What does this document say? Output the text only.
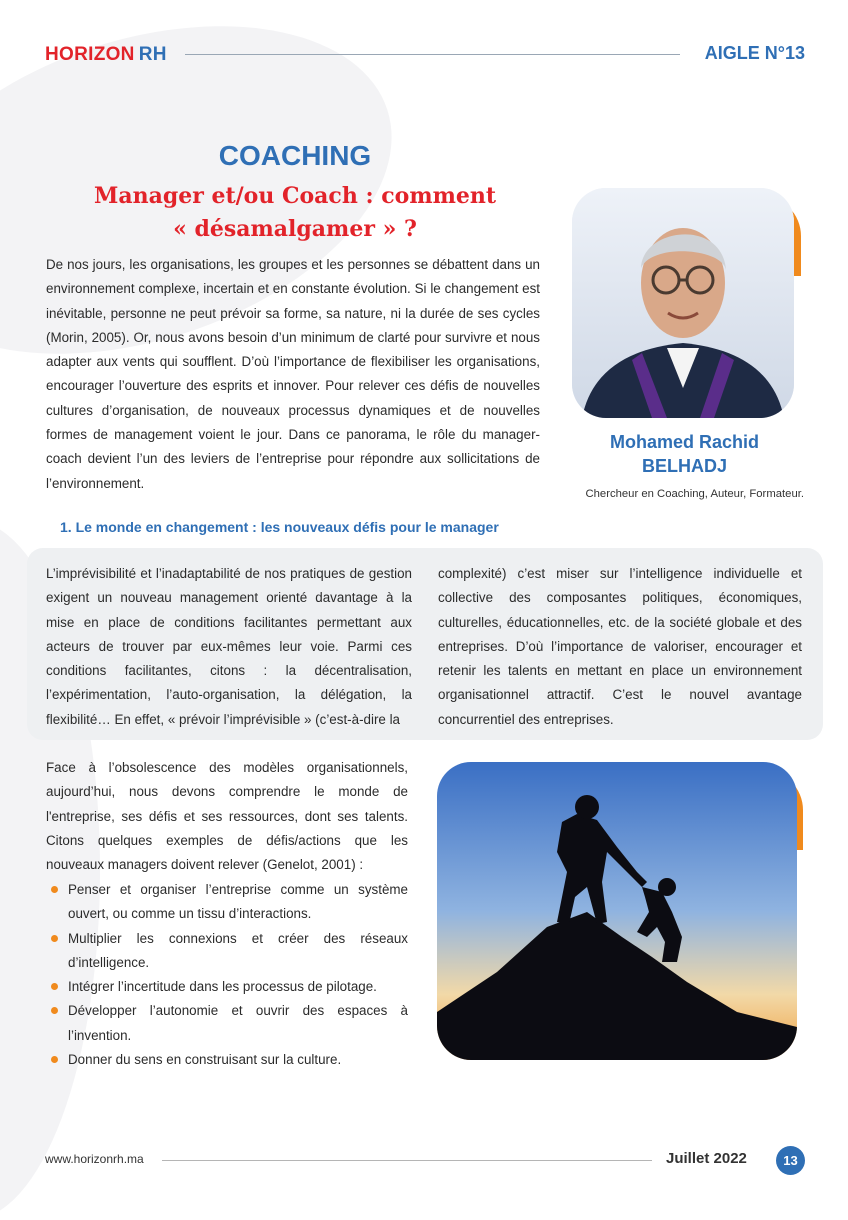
HORIZON RH	AIGLE N°13
COACHING
Manager et/ou Coach : comment
« désamalgamer » ?
De nos jours, les organisations, les groupes et les personnes se débattent dans un environnement complexe, incertain et en constante évolution. Si le changement est inévitable, personne ne peut prévoir sa forme, sa nature, ni la durée de ses cycles (Morin, 2005). Or, nous avons besoin d’un minimum de clarté pour survivre et nous adapter aux vents qui soufflent. D’où l’importance de flexibiliser les organisations, encourager l’ouverture des esprits et innover. Pour relever ces défis de nouvelles cultures d’organisation, de nouveaux processus dynamiques et de nouvelles formes de management voient le jour. Dans ce panorama, le rôle du manager-coach devient l’un des leviers de l’entreprise pour répondre aux sollicitations de l’environnement.
Mohamed Rachid
BELHADJ
Chercheur en Coaching, Auteur, Formateur.
1. Le monde en changement : les nouveaux défis pour le manager
L’imprévisibilité et l’inadaptabilité de nos pratiques de gestion exigent un nouveau management orienté davantage à la mise en place de conditions facilitantes permettant aux acteurs de trouver par eux-mêmes leur voie. Parmi ces conditions facilitantes, citons : la décentralisation, l’expérimentation, l’auto-organisation, la délégation, la flexibilité… En effet, « prévoir l’imprévisible » (c’est-à-dire la
complexité) c’est miser sur l’intelligence individuelle et collective des composantes politiques, économiques, culturelles, éducationnelles, etc. de la société globale et des entreprises. D’où l’importance de valoriser, encourager et retenir les talents en mettant en place un environnement organisationnel attractif. C’est le nouvel avantage concurrentiel des entreprises.
Face à l’obsolescence des modèles organisationnels, aujourd’hui, nous devons comprendre le monde de l'entreprise, ses défis et ses ressources, dont ses talents. Citons quelques exemples de défis/actions que les nouveaux managers doivent relever (Genelot, 2001) :
Penser et organiser l’entreprise comme un système ouvert, ou comme un tissu d’interactions.
Multiplier les connexions et créer des réseaux d’intelligence.
Intégrer l’incertitude dans les processus de pilotage.
Développer l’autonomie et ouvrir des espaces à l’invention.
Donner du sens en construisant sur la culture.
www.horizonrh.ma	Juillet 2022	13
